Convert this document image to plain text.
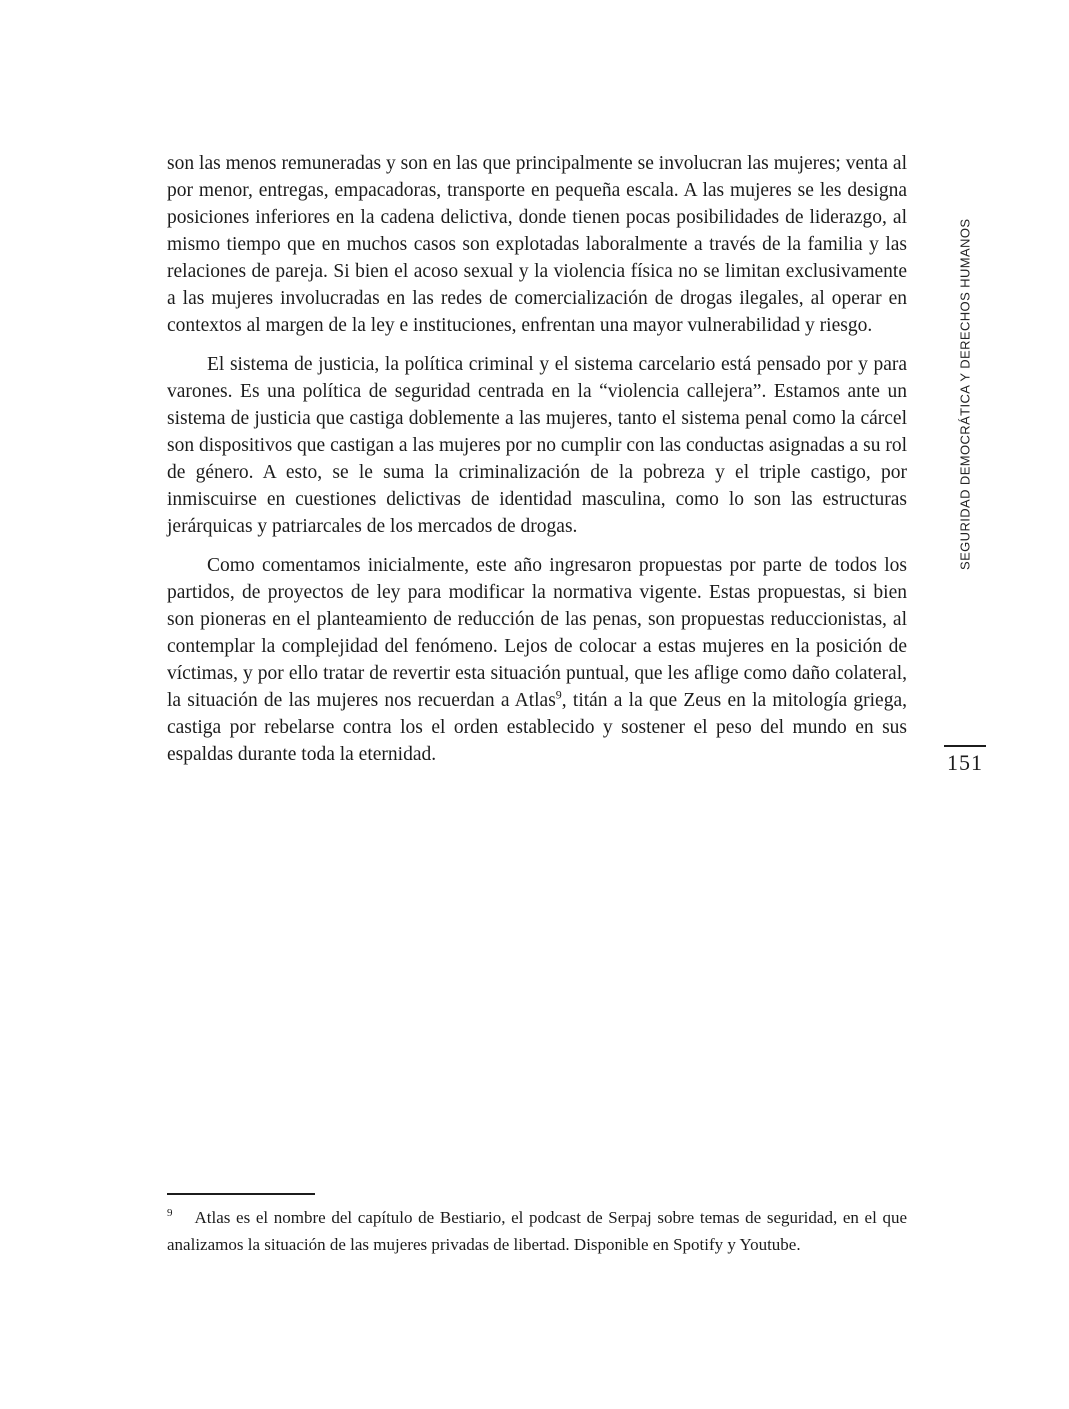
son las menos remuneradas y son en las que principalmente se involucran las mujeres; venta al por menor, entregas, empacadoras, transporte en pequeña escala. A las mujeres se les designa posiciones inferiores en la cadena delictiva, donde tienen pocas posibilidades de liderazgo, al mismo tiempo que en muchos casos son explotadas laboralmente a través de la familia y las relaciones de pareja. Si bien el acoso sexual y la violencia física no se limitan exclusivamente a las mujeres involucradas en las redes de comercialización de drogas ilegales, al operar en contextos al margen de la ley e instituciones, enfrentan una mayor vulnerabilidad y riesgo.

El sistema de justicia, la política criminal y el sistema carcelario está pensado por y para varones. Es una política de seguridad centrada en la “violencia callejera”. Estamos ante un sistema de justicia que castiga doblemente a las mujeres, tanto el sistema penal como la cárcel son dispositivos que castigan a las mujeres por no cumplir con las conductas asignadas a su rol de género. A esto, se le suma la criminalización de la pobreza y el triple castigo, por inmiscuirse en cuestiones delictivas de identidad masculina, como lo son las estructuras jerárquicas y patriarcales de los mercados de drogas.

Como comentamos inicialmente, este año ingresaron propuestas por parte de todos los partidos, de proyectos de ley para modificar la normativa vigente. Estas propuestas, si bien son pioneras en el planteamiento de reducción de las penas, son propuestas reduccionistas, al contemplar la complejidad del fenómeno. Lejos de colocar a estas mujeres en la posición de víctimas, y por ello tratar de revertir esta situación puntual, que les aflige como daño colateral, la situación de las mujeres nos recuerdan a Atlas$^9$, titán a la que Zeus en la mitología griega, castiga por rebelarse contra los el orden establecido y sostener el peso del mundo en sus espaldas durante toda la eternidad.

SEGURIDAD DEMOCRÁTICA Y DERECHOS HUMANOS
151
$^9$ Atlas es el nombre del capítulo de Bestiario, el podcast de Serpaj sobre temas de seguridad, en el que analizamos la situación de las mujeres privadas de libertad. Disponible en Spotify y Youtube.
